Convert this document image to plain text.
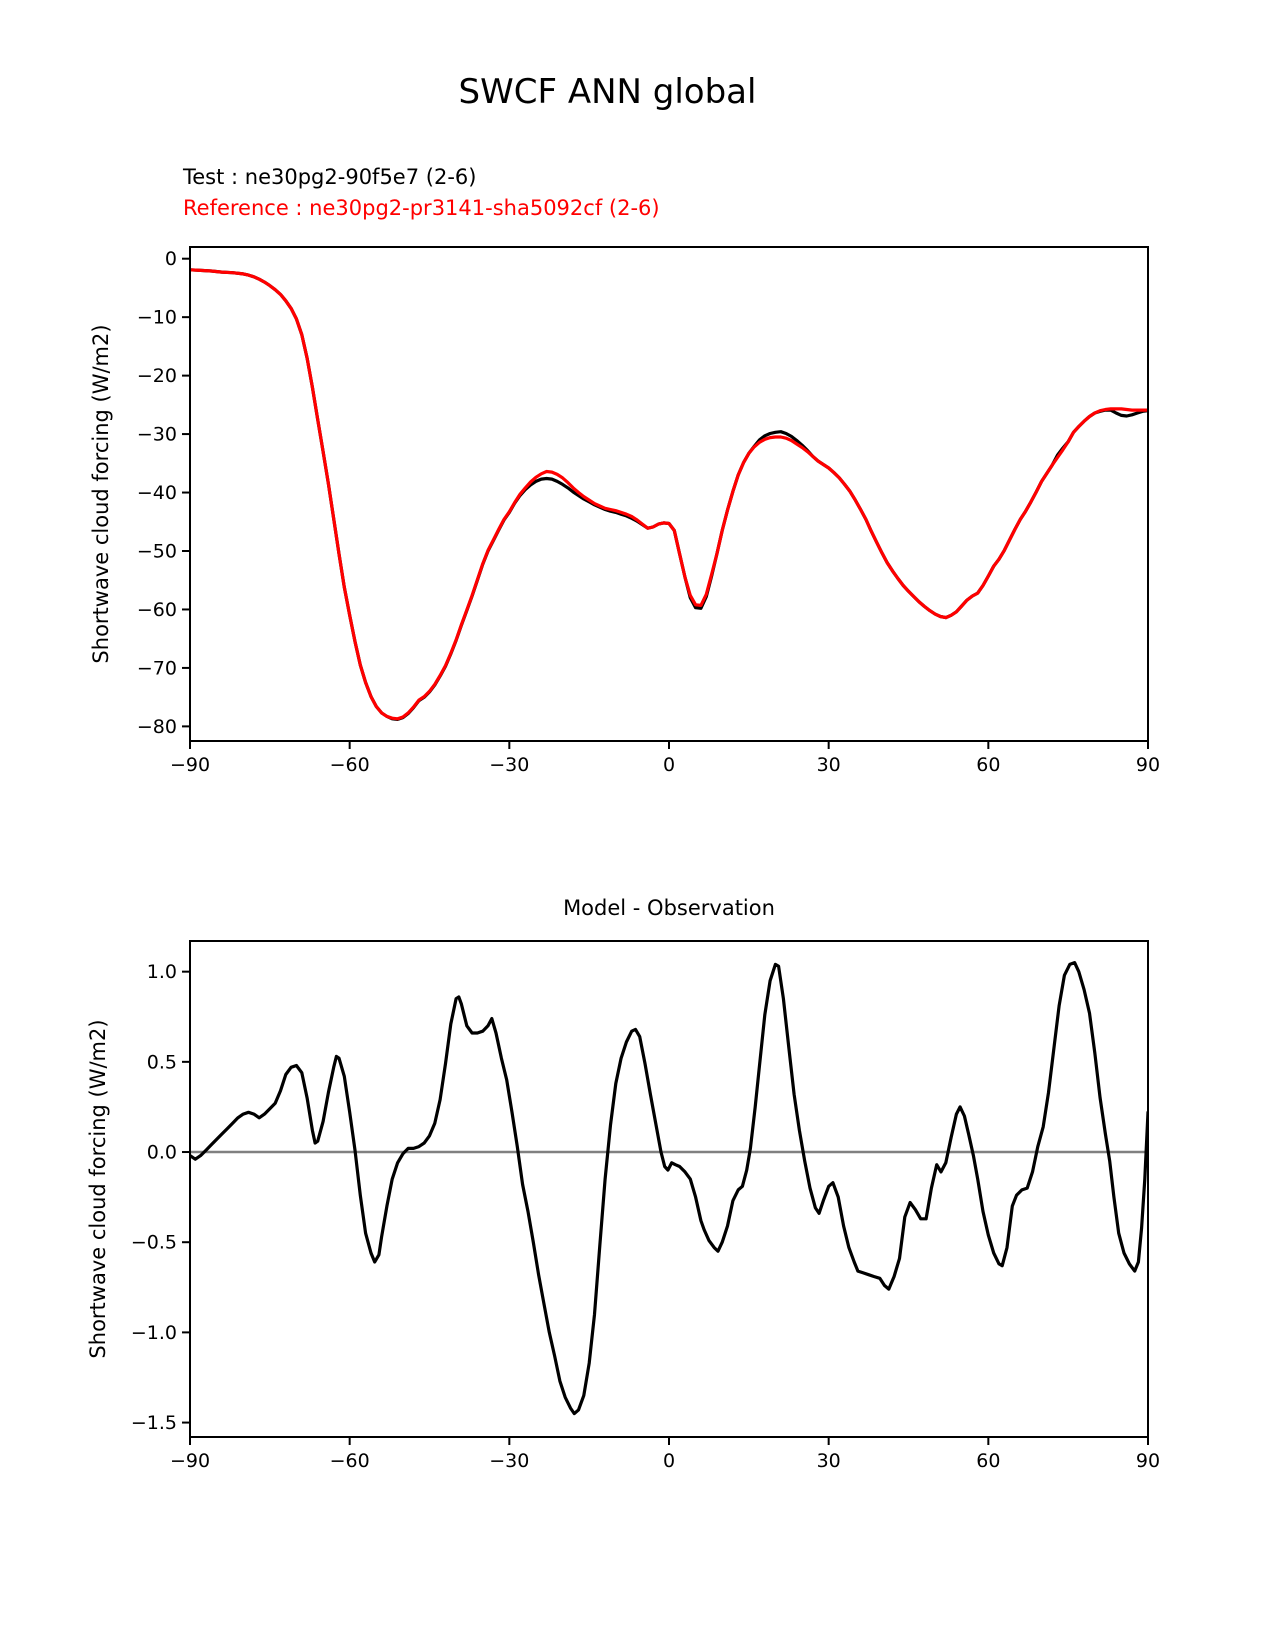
−90	−60	−30	0	30	60	90
0
−10
−20
−30
−40
−50
−60
−70
−80
−90	−60	−30	0	30	60	90
1.0
0.5
0.0
−0.5
−1.0
−1.5
SWCF ANN global
Test : ne30pg2-90f5e7 (2-6)
Reference : ne30pg2-pr3141-sha5092cf (2-6)
Shortwave cloud forcing (W/m2)
Shortwave cloud forcing (W/m2)
Model - Observation
